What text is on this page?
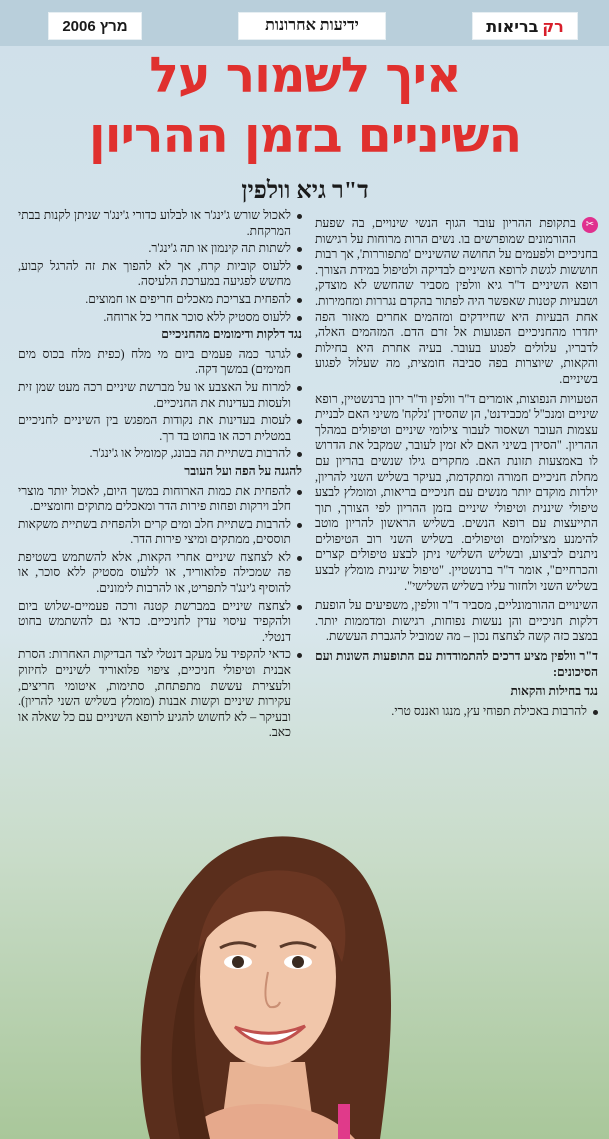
מרץ 2006	ידיעות אחרונות	רק
בריאות
איך לשמור על
השיניים בזמן ההריון
ד"ר גיא וולפין
✂

בתקופת ההריון עובר הגוף הנשי שינויים, בה שפעת ההורמונים שמופרשים בו. נשים הרות מרוחות על רגישות בחניכיים ולפעמים על תחושה שהשיניים 'מתפוררות', אך רבות חוששות לגשת לרופא השיניים לבדיקה ולטיפול במידת הצורך. רופא השיניים ד"ר גיא וולפין מסביר שהחשש לא מוצדק, ושבעיות קטנות שאפשר היה לפתור בהקדם נגררות ומחמירות. אחת הבעיות היא שחיידקים ומזהמים אחרים מאזור הפה יחדרו מהחניכיים הפגועות אל זרם הדם. המזהמים האלה, לדבריו, עלולים לפגוע בעובר. בעיה אחרת היא בחילות והקאות, שיוצרות בפה סביבה חומצית, מה שעלול לפגוע בשיניים.

הטעויות הנפוצות, אומרים ד"ר וולפין וד"ר ירון ברנשטיין, רופא שיניים ומנכ"ל 'מכבידנט', הן שהסידן 'נלקח' משיני האם לבניית עצמות העובר ושאסור לעבור צילומי שיניים וטיפולים במהלך ההריון. "הסידן בשיני האם לא זמין לעובר, שמקבל את הדרוש לו באמצעות תזונת האם. מחקרים גילו שנשים בהריון עם מחלת חניכיים חמורה ומתקדמת, בעיקר בשליש השני להריון, יולדות מוקדם יותר מנשים עם חניכיים בריאות, ומומלץ לבצע טיפולי שיננית וטיפולי שיניים בזמן ההריון לפי הצורך, תוך התייעצות עם רופא הנשים. בשליש הראשון להריון מוטב להימנע מצילומים וטיפולים. בשליש השני רוב הטיפולים ניתנים לביצוע, ובשליש השלישי ניתן לבצע טיפולים קצרים והכרחיים", אומר ד"ר ברנשטיין. "טיפול שיננית מומלץ לבצע בשליש השני ולחזור עליו בשליש השלישי".

השינויים ההורמונליים, מסביר ד"ר וולפין, משפיעים על הופעת דלקות חניכיים והן נעשות נפוחות, רגישות ומדממות יותר. במצב כזה קשה לצחצח נכון – מה שמוביל להגברת העששת.

ד"ר וולפין מציע דרכים להתמודדות עם התופעות השונות ועם הסיכונים:

נגד בחילות והקאות

להרבות באכילת תפוחי עץ, מנגו ואננס טרי.
לאכול שורש ג'ינג'ר או לבלוע כדורי ג'ינג'ר שניתן לקנות בבתי המרקחת.
לשתות תה קינמון או תה ג'ינג'ר.
ללעוס קוביות קרח, אך לא להפוך את זה להרגל קבוע, מחשש לפגיעה במערכת הלעיסה.
להפחית בצריכת מאכלים חריפים או חמוצים.
ללעוס מסטיק ללא סוכר אחרי כל ארוחה.

נגד דלקות ודימומים מהחניכיים

לגרגר כמה פעמים ביום מי מלח (כפית מלח בכוס מים חמימים) במשך דקה.
למרוח על האצבע או על מברשת שיניים רכה מעט שמן זית ולעסות בעדינות את החניכיים.
לעסות בעדינות את נקודות המפגש בין השיניים לחניכיים במטלית רכה או בחוט בד רך.
להרבות בשתיית תה בבונג, קמומיל או ג'ינג'ר.

להגנה על הפה ועל העובר

להפחית את כמות הארוחות במשך היום, לאכול יותר מוצרי חלב וירקות ופחות פירות הדר ומאכלים מתוקים וחומציים.
להרבות בשתיית חלב ומים קרים ולהפחית בשתיית משקאות תוססים, ממתקים ומיצי פירות הדר.
לא לצחצח שיניים אחרי הקאות, אלא להשתמש בשטיפת פה שמכילה פלואוריד, או ללעוס מסטיק ללא סוכר, או להוסיף ג'ינג'ר לתפריט, או להרבות לימונים.
לצחצח שיניים במברשת קטנה ורכה פעמיים-שלוש ביום ולהקפיד עיסוי עדין לחניכיים. כדאי גם להשתמש בחוט דנטלי.
כדאי להקפיד על מעקב דנטלי לצד הבדיקות האחרות: הסרת אבנית וטיפולי חניכיים, ציפוי פלואוריד לשיניים לחיזוק ולעצירת עששת מתפתחת, סתימות, איטומי חריצים, עקירות שיניים וקשות אבנות (מומלץ בשליש השני להריון). ובעיקר – לא לחשוש להגיע לרופא השיניים עם כל שאלה או כאב.
